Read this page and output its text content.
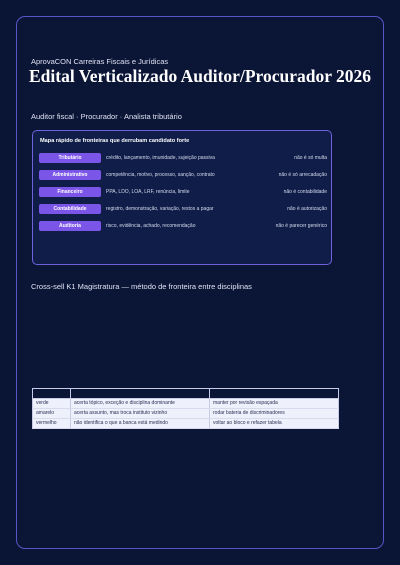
AprovaCON Carreiras Fiscais e Jurídicas
Edital Verticalizado Auditor/Procurador 2026
Auditor fiscal · Procurador · Analista tributário
Mapa rápido de fronteiras que derrubam candidato forte
Tributário	crédito, lançamento, imunidade, sujeição passiva	não é só multa
Administrativo	competência, motivo, processo, sanção, contrato	não é só arrecadação
Financeiro	PPA, LDO, LOA, LRF, renúncia, limite	não é contabilidade
Contabilidade	registro, demonstração, variação, restos a pagar	não é autorização
Auditoria	risco, evidência, achado, recomendação	não é parecer genérico
Cross-sell K1 Magistratura — método de fronteira entre disciplinas

verde	acerta tópico, exceção e disciplina dominante	manter por revisão espaçada
amarelo	acerta assunto, mas troca instituto vizinho	rodar bateria de discriminadores
vermelho	não identifica o que a banca está medindo	voltar ao bloco e refazer tabela
